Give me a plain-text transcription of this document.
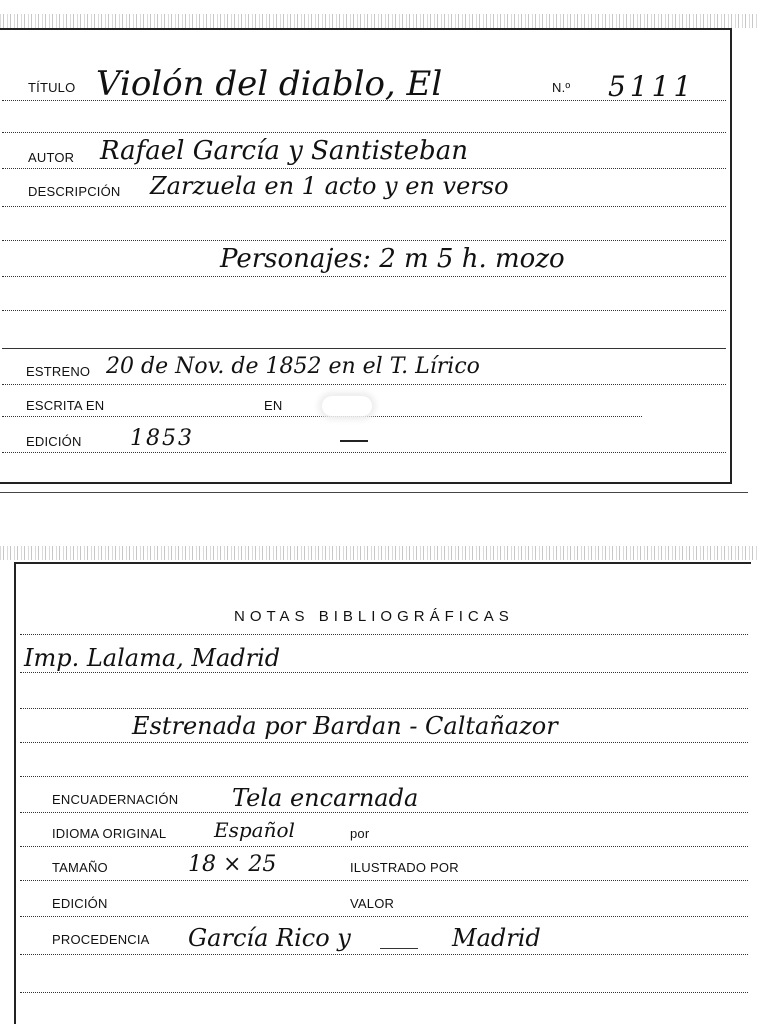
TÍTULO Violón del diablo, El	N.º 5111
AUTOR Rafael García y Santisteban
DESCRIPCIÓN Zarzuela en 1 acto y en verso
Personajes: 2 m 5 h. mozo
ESTRENO 20 de Nov. de 1852 en el T. Lírico
ESCRITA EN	EN
EDICIÓN 1853
NOTAS BIBLIOGRÁFICAS
Imp. Lalama, Madrid
Estrenada por Bardan - Caltañazor
ENCUADERNACIÓN Tela encarnada
IDIOMA ORIGINAL Español	por
TAMAÑO	18 × 25	ILUSTRADO POR
EDICIÓN	VALOR
PROCEDENCIA García Rico y	Madrid
